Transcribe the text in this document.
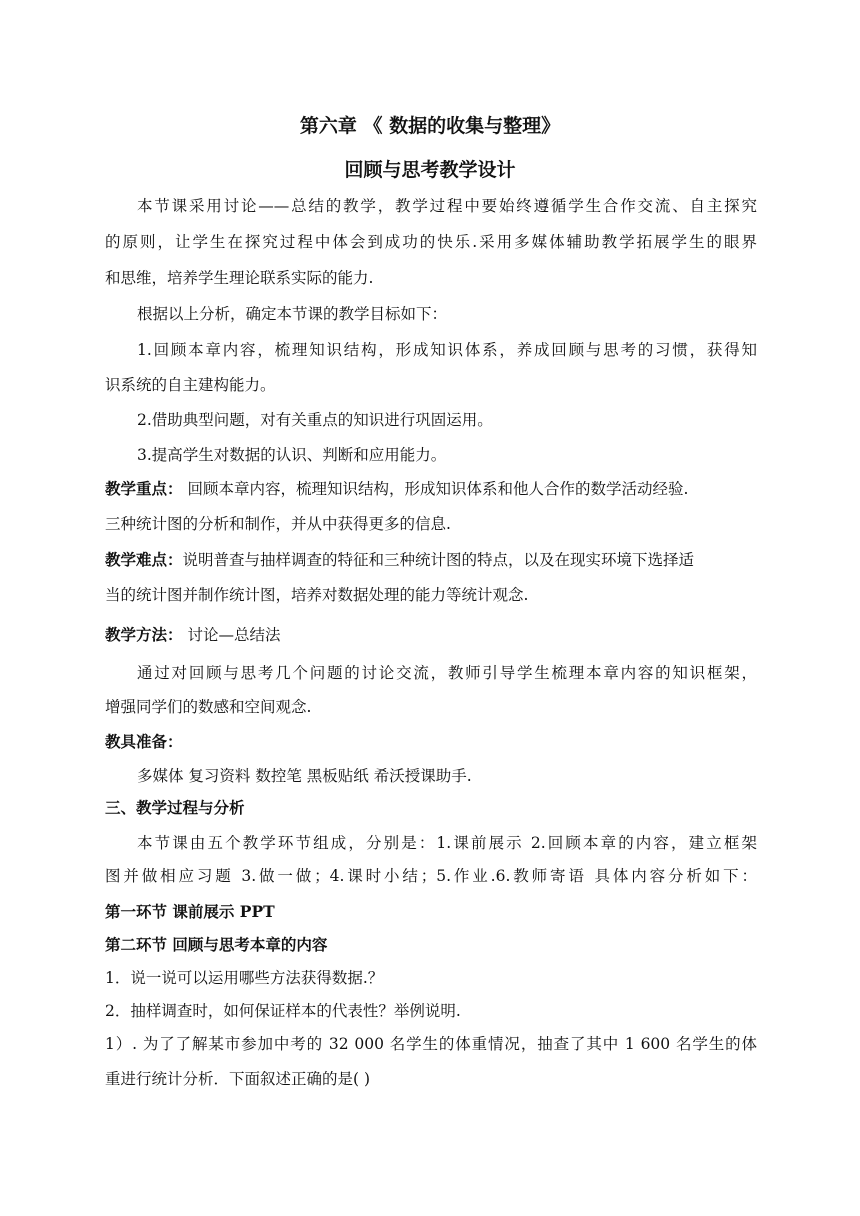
第六章 《 数据的收集与整理》
回顾与思考教学设计
本节课采用讨论——总结的教学，教学过程中要始终遵循学生合作交流、自主探究
的原则，让学生在探究过程中体会到成功的快乐.采用多媒体辅助教学拓展学生的眼界
和思维，培养学生理论联系实际的能力.
根据以上分析，确定本节课的教学目标如下：
1.回顾本章内容，梳理知识结构，形成知识体系，养成回顾与思考的习惯，获得知
识系统的自主建构能力。
2.借助典型问题，对有关重点的知识进行巩固运用。
3.提高学生对数据的认识、判断和应用能力。
教学重点： 回顾本章内容，梳理知识结构，形成知识体系和他人合作的数学活动经验.
三种统计图的分析和制作，并从中获得更多的信息.
教学难点：说明普查与抽样调查的特征和三种统计图的特点，以及在现实环境下选择适
当的统计图并制作统计图，培养对数据处理的能力等统计观念.
教学方法： 讨论—总结法
通过对回顾与思考几个问题的讨论交流，教师引导学生梳理本章内容的知识框架，
增强同学们的数感和空间观念.
教具准备：
多媒体 复习资料 数控笔 黑板贴纸 希沃授课助手.
三、教学过程与分析
本节课由五个教学环节组成，分别是：1.课前展示 2.回顾本章的内容，建立框架
图并做相应习题 3.做一做；4.课时小结；5.作业.6.教师寄语 具体内容分析如下：
第一环节 课前展示 PPT
第二环节 回顾与思考本章的内容
1．说一说可以运用哪些方法获得数据.？
2．抽样调查时，如何保证样本的代表性？举例说明.
1）. 为了了解某市参加中考的 32 000 名学生的体重情况，抽查了其中 1 600 名学生的体
重进行统计分析．下面叙述正确的是( )
